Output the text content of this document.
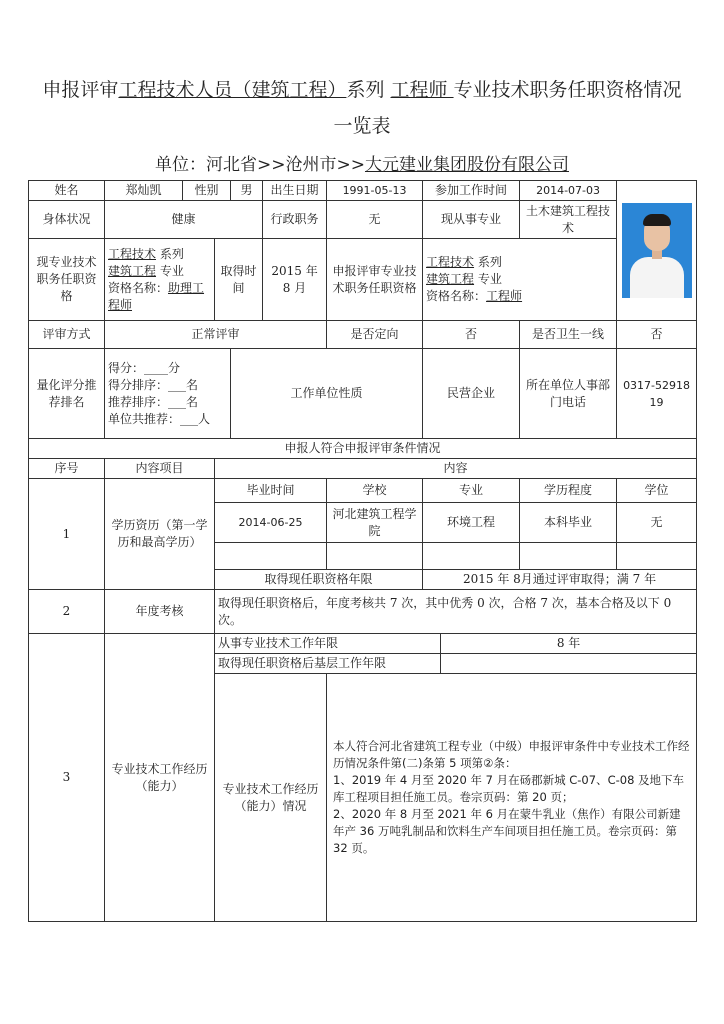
申报评审工程技术人员（建筑工程）系列 工程师 专业技术职务任职资格情况
一览表
单位：河北省>>沧州市>>大元建业集团股份有限公司
姓名	郑灿凯	性别		男	出生日期	1991-05-13	参加工作时间		2014-07-03	

身体状况	健康				行政职务	无	现从事专业		土木建筑工程技术	
现专业技术职务任职资格	工程技术 系列
建筑工程 专业
资格名称：助理工程师		取得时间		2015 年 8 月	申报评审专业技术职务任职资格	工程技术 系列
建筑工程 专业
资格名称：工程师			
评审方式	正常评审					是否定向	否		是否卫生一线	否
量化评分推荐排名	得分：____分
得分排序：___名
推荐排序：___名
单位共推荐：___人			工作单位性质			民营企业		所在单位人事部门电话	0317-5291819
申报人符合申报评审条件情况										
序号	内容项目		内容							
1	学历资历（第一学历和最高学历）		毕业时间			学校	专业		学历程度	学位
			2014-06-25			河北建筑工程学院	环境工程		本科毕业	无

			取得现任职资格年限				2015 年 8月通过评审取得；满 7 年			
2	年度考核		取得现任职资格后，年度考核共 7 次，其中优秀 0 次，合格 7 次，基本合格及以下 0 次。							
3	专业技术工作经历（能力）		从事专业技术工作年限					8 年		
			取得现任职资格后基层工作年限							
			专业技术工作经历（能力）情况			本人符合河北省建筑工程专业（中级）申报评审条件中专业技术工作经历情况条件第(二)条第 5 项第②条：
1、2019 年 4 月至 2020 年 7 月在砀郡新城 C-07、C-08 及地下车库工程项目担任施工员。卷宗页码：第 20 页；
2、2020 年 8 月至 2021 年 6 月在蒙牛乳业（焦作）有限公司新建年产 36 万吨乳制品和饮料生产车间项目担任施工员。卷宗页码：第 32 页。				
